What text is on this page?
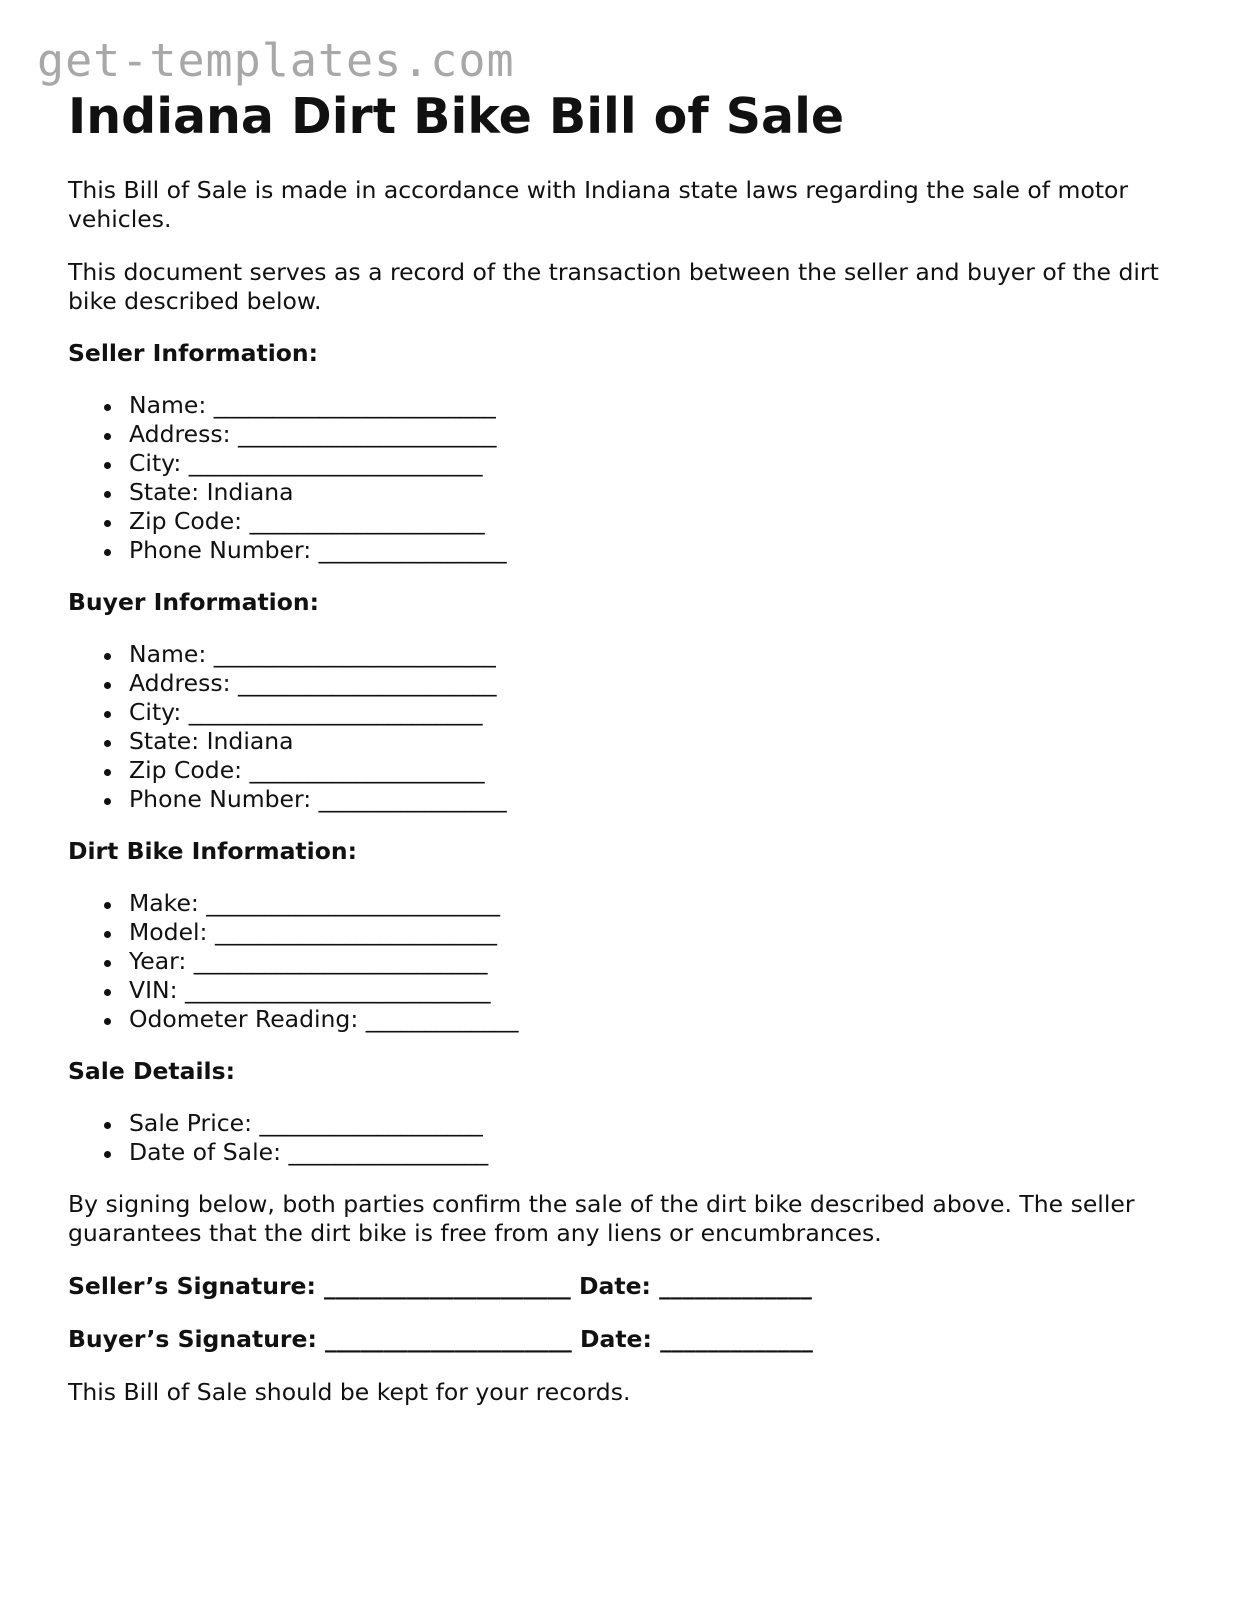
get-templates.com
Indiana Dirt Bike Bill of Sale

This Bill of Sale is made in accordance with Indiana state laws regarding the sale of motor vehicles.

This document serves as a record of the transaction between the seller and buyer of the dirt bike described below.

Seller Information:

Name: ________________________
Address: ______________________
City: _________________________
State: Indiana
Zip Code: ____________________
Phone Number: ________________

Buyer Information:

Name: ________________________
Address: ______________________
City: _________________________
State: Indiana
Zip Code: ____________________
Phone Number: ________________

Dirt Bike Information:

Make: _________________________
Model: ________________________
Year: _________________________
VIN: __________________________
Odometer Reading: _____________

Sale Details:

Sale Price: ___________________
Date of Sale: _________________

By signing below, both parties confirm the sale of the dirt bike described above. The seller guarantees that the dirt bike is free from any liens or encumbrances.

Seller’s Signature: _____________________ Date: _____________

Buyer’s Signature: _____________________ Date: _____________

This Bill of Sale should be kept for your records.
